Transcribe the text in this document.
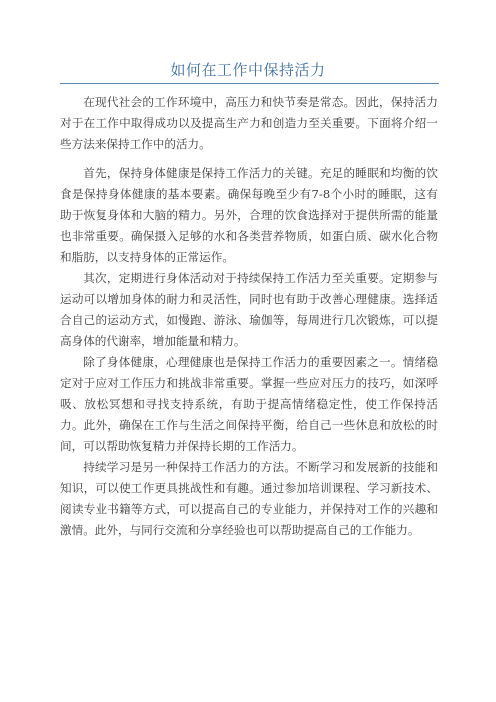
如何在工作中保持活力

在现代社会的工作环境中，高压力和快节奏是常态。因此，保持活力对于在工作中取得成功以及提高生产力和创造力至关重要。下面将介绍一些方法来保持工作中的活力。

首先，保持身体健康是保持工作活力的关键。充足的睡眠和均衡的饮食是保持身体健康的基本要素。确保每晚至少有7-8个小时的睡眠，这有助于恢复身体和大脑的精力。另外，合理的饮食选择对于提供所需的能量也非常重要。确保摄入足够的水和各类营养物质，如蛋白质、碳水化合物和脂肪，以支持身体的正常运作。

其次，定期进行身体活动对于持续保持工作活力至关重要。定期参与运动可以增加身体的耐力和灵活性，同时也有助于改善心理健康。选择适合自己的运动方式，如慢跑、游泳、瑜伽等，每周进行几次锻炼，可以提高身体的代谢率，增加能量和精力。

除了身体健康，心理健康也是保持工作活力的重要因素之一。情绪稳定对于应对工作压力和挑战非常重要。掌握一些应对压力的技巧，如深呼吸、放松冥想和寻找支持系统，有助于提高情绪稳定性，使工作保持活力。此外，确保在工作与生活之间保持平衡，给自己一些休息和放松的时间，可以帮助恢复精力并保持长期的工作活力。

持续学习是另一种保持工作活力的方法。不断学习和发展新的技能和知识，可以使工作更具挑战性和有趣。通过参加培训课程、学习新技术、阅读专业书籍等方式，可以提高自己的专业能力，并保持对工作的兴趣和激情。此外，与同行交流和分享经验也可以帮助提高自己的工作能力。
